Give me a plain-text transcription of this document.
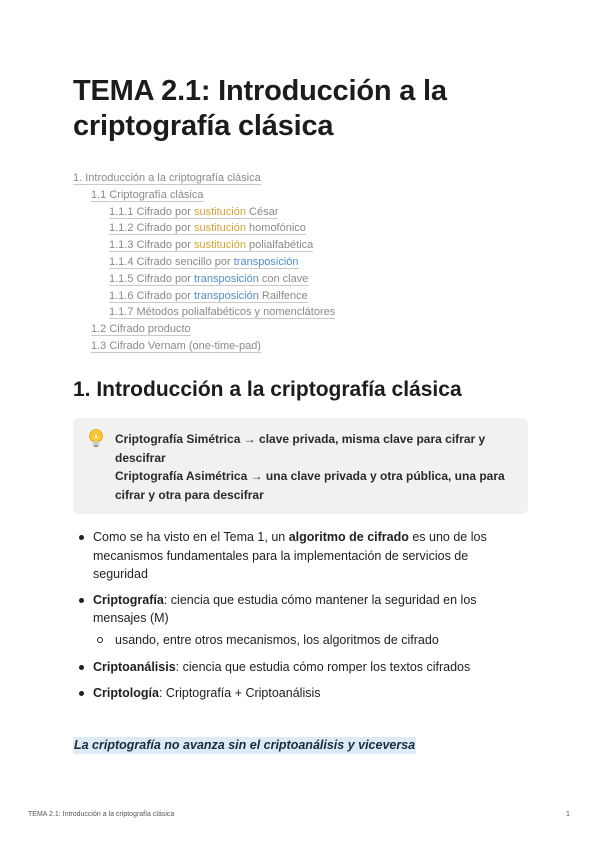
TEMA 2.1: Introducción a la criptografía clásica
1. Introducción a la criptografía clásica
1.1 Criptografía clásica
1.1.1 Cifrado por sustitución César
1.1.2 Cifrado por sustitución homofónico
1.1.3 Cifrado por sustitución polialfabética
1.1.4 Cifrado sencillo por transposición
1.1.5 Cifrado por transposición con clave
1.1.6 Cifrado por transposición Railfence
1.1.7 Métodos polialfabéticos y nomenclátores
1.2 Cifrado producto
1.3 Cifrado Vernam (one-time-pad)
1. Introducción a la criptografía clásica
Criptografía Simétrica → clave privada, misma clave para cifrar y descifrar
Criptografía Asimétrica → una clave privada y otra pública, una para cifrar y otra para descifrar
Como se ha visto en el Tema 1, un algoritmo de cifrado es uno de los mecanismos fundamentales para la implementación de servicios de seguridad
Criptografía: ciencia que estudia cómo mantener la seguridad en los mensajes (M)
usando, entre otros mecanismos, los algoritmos de cifrado
Criptoanálisis: ciencia que estudia cómo romper los textos cifrados
Criptología: Criptografía + Criptoanálisis
La criptografía no avanza sin el criptoanálisis y viceversa
TEMA 2.1: Introducción a la criptografía clásica	1
